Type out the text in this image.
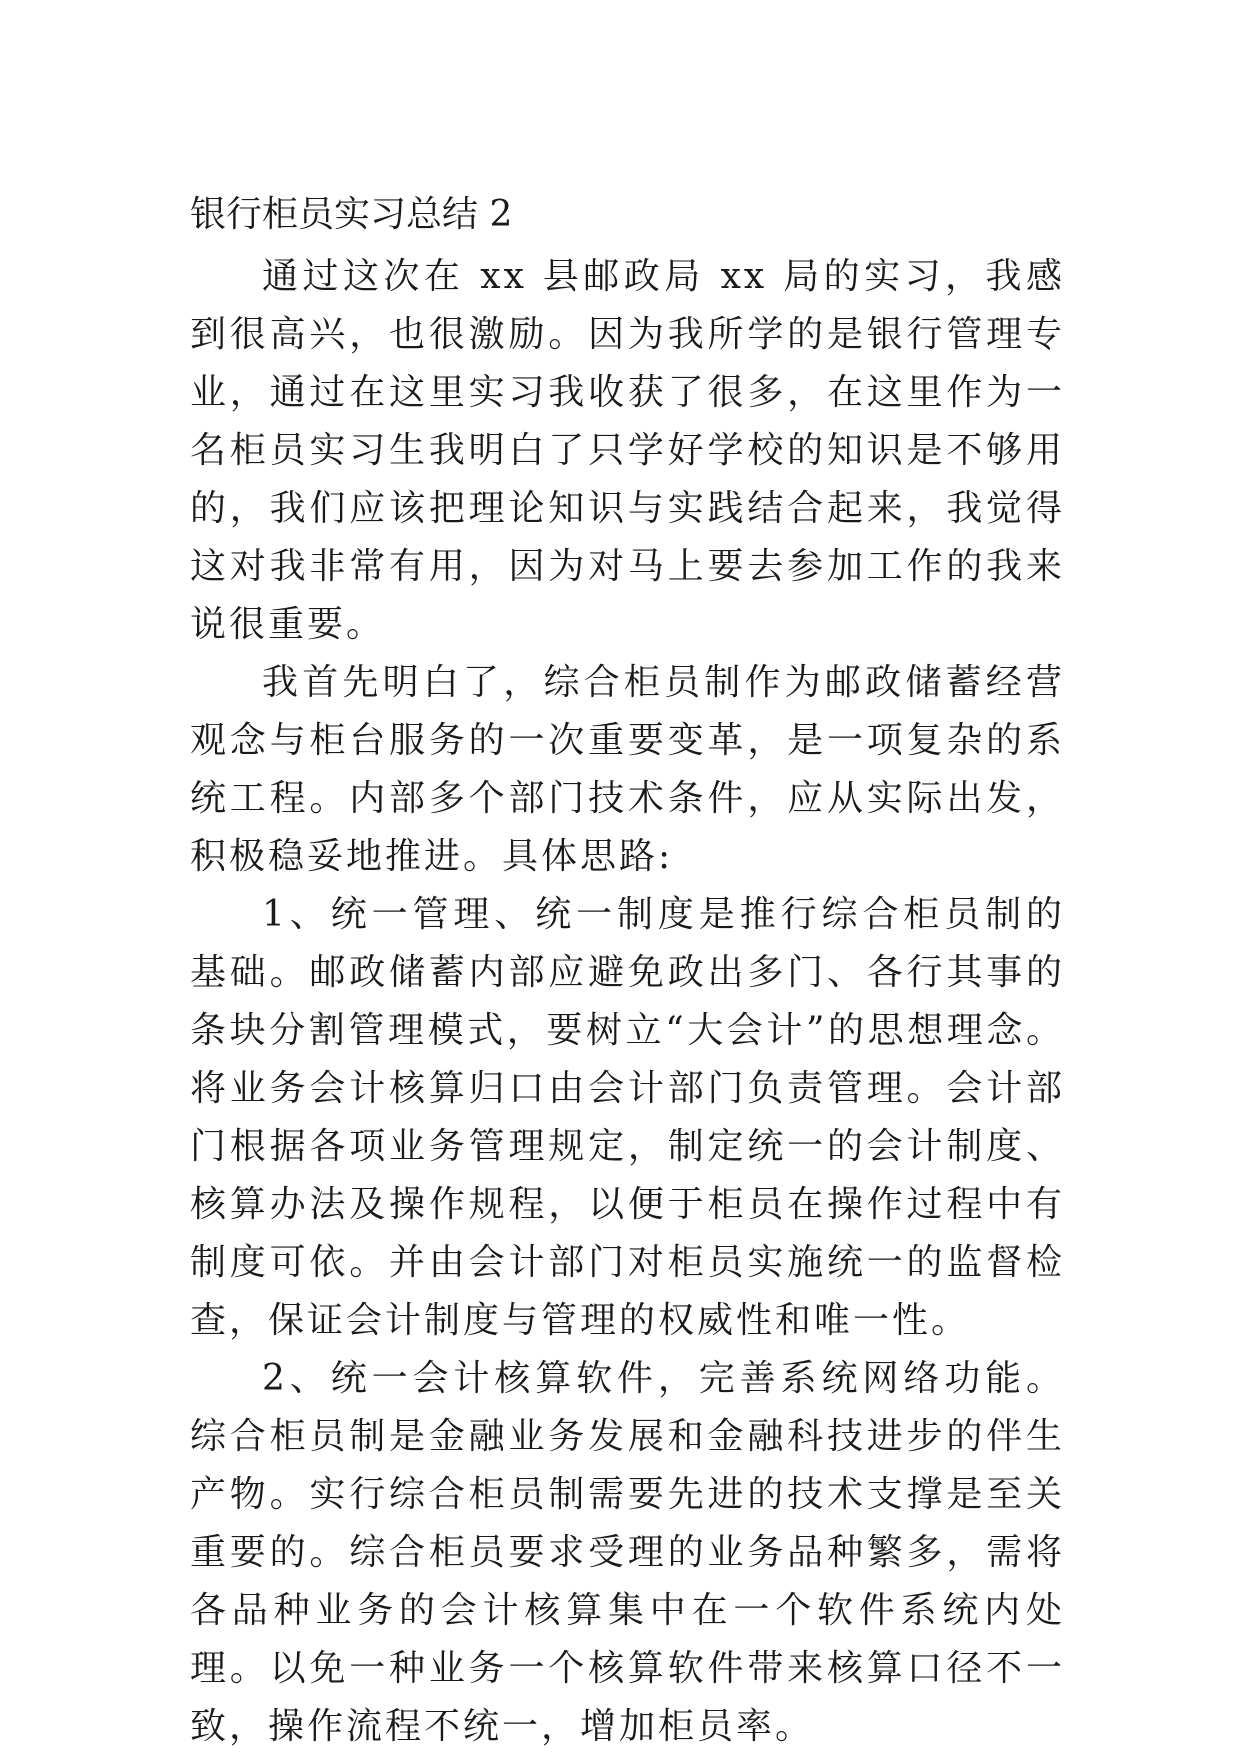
银行柜员实习总结 2

通过这次在 xx 县邮政局 xx 局的实习，我感到很高兴，也很激励。因为我所学的是银行管理专业，通过在这里实习我收获了很多，在这里作为一名柜员实习生我明白了只学好学校的知识是不够用的，我们应该把理论知识与实践结合起来，我觉得这对我非常有用，因为对马上要去参加工作的我来说很重要。

我首先明白了，综合柜员制作为邮政储蓄经营观念与柜台服务的一次重要变革，是一项复杂的系统工程。内部多个部门技术条件，应从实际出发，积极稳妥地推进。具体思路:

1、统一管理、统一制度是推行综合柜员制的基础。邮政储蓄内部应避免政出多门、各行其事的条块分割管理模式，要树立“大会计”的思想理念。将业务会计核算归口由会计部门负责管理。会计部门根据各项业务管理规定，制定统一的会计制度、核算办法及操作规程，以便于柜员在操作过程中有制度可依。并由会计部门对柜员实施统一的监督检查，保证会计制度与管理的权威性和唯一性。

2、统一会计核算软件，完善系统网络功能。综合柜员制是金融业务发展和金融科技进步的伴生产物。实行综合柜员制需要先进的技术支撑是至关重要的。综合柜员要求受理的业务品种繁多，需将各品种业务的会计核算集中在一个软件系统内处理。以免一种业务一个核算软件带来核算口径不一致，操作流程不统一，增加柜员率。
